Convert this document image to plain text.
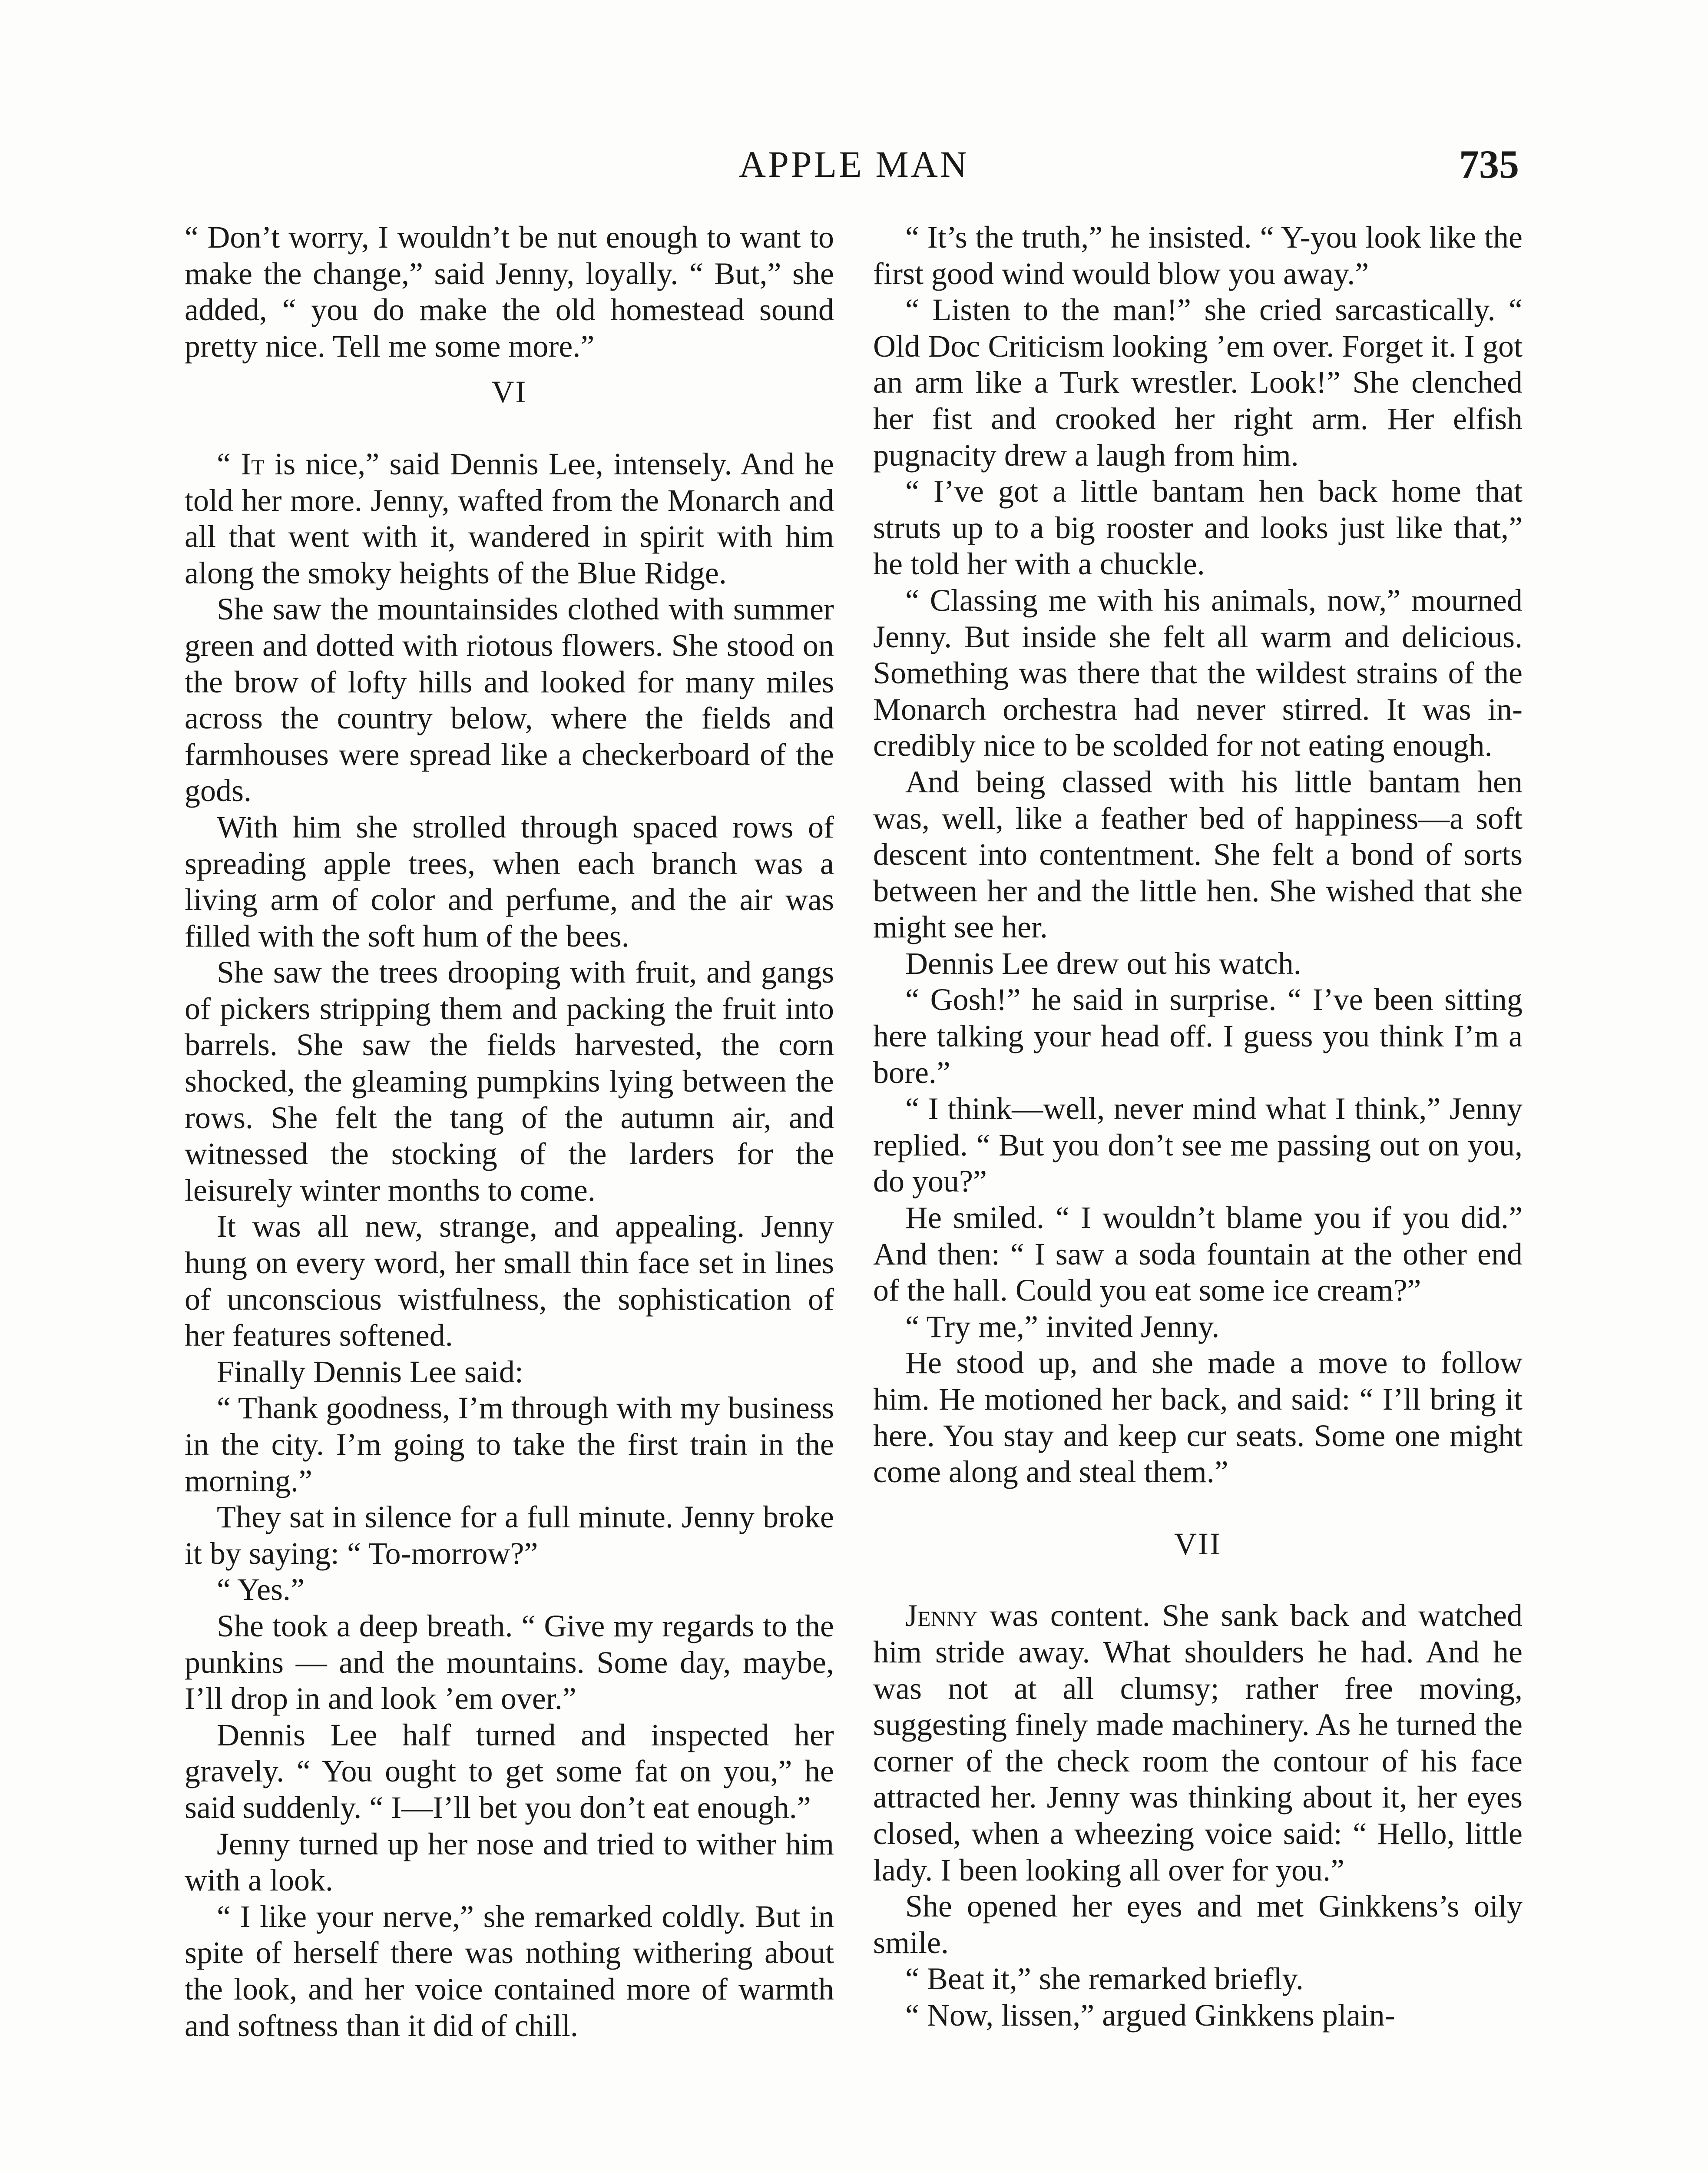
APPLE MAN	735

“ Don’t worry, I wouldn’t be nut enough to want to make the change,” said Jenny, loyally. “ But,” she added, “ you do make the old homestead sound pretty nice. Tell me some more.”

VI

“ It is nice,” said Dennis Lee, intensely. And he told her more. Jenny, wafted from the Monarch and all that went with it, wandered in spirit with him along the smoky heights of the Blue Ridge.

She saw the mountainsides clothed with summer green and dotted with riotous flowers. She stood on the brow of lofty hills and looked for many miles across the country below, where the fields and farmhouses were spread like a checkerboard of the gods.

With him she strolled through spaced rows of spreading apple trees, when each branch was a living arm of color and perfume, and the air was filled with the soft hum of the bees.

She saw the trees drooping with fruit, and gangs of pickers stripping them and packing the fruit into barrels. She saw the fields harvested, the corn shocked, the gleaming pumpkins lying between the rows. She felt the tang of the autumn air, and witnessed the stocking of the larders for the leisurely winter months to come.

It was all new, strange, and appealing. Jenny hung on every word, her small thin face set in lines of unconscious wistfulness, the sophistication of her features softened.

Finally Dennis Lee said:

“ Thank goodness, I’m through with my business in the city. I’m going to take the first train in the morning.”

They sat in silence for a full minute. Jenny broke it by saying: “ To-morrow?”

“ Yes.”

She took a deep breath. “ Give my regards to the punkins — and the mountains. Some day, maybe, I’ll drop in and look ’em over.”

Dennis Lee half turned and inspected her gravely. “ You ought to get some fat on you,” he said suddenly. “ I—I’ll bet you don’t eat enough.”

Jenny turned up her nose and tried to wither him with a look.

“ I like your nerve,” she remarked coldly. But in spite of herself there was nothing withering about the look, and her voice contained more of warmth and softness than it did of chill.

“ It’s the truth,” he insisted. “ Y-you look like the first good wind would blow you away.”

“ Listen to the man!” she cried sarcastically. “ Old Doc Criticism looking ’em over. Forget it. I got an arm like a Turk wrestler. Look!” She clenched her fist and crooked her right arm. Her elfish pugnacity drew a laugh from him.

“ I’ve got a little bantam hen back home that struts up to a big rooster and looks just like that,” he told her with a chuckle.

“ Classing me with his animals, now,” mourned Jenny. But inside she felt all warm and delicious. Something was there that the wildest strains of the Monarch orchestra had never stirred. It was incredibly nice to be scolded for not eating enough.

And being classed with his little bantam hen was, well, like a feather bed of happiness—a soft descent into contentment. She felt a bond of sorts between her and the little hen. She wished that she might see her.

Dennis Lee drew out his watch.

“ Gosh!” he said in surprise. “ I’ve been sitting here talking your head off. I guess you think I’m a bore.”

“ I think—well, never mind what I think,” Jenny replied. “ But you don’t see me passing out on you, do you?”

He smiled. “ I wouldn’t blame you if you did.” And then: “ I saw a soda fountain at the other end of the hall. Could you eat some ice cream?”

“ Try me,” invited Jenny.

He stood up, and she made a move to follow him. He motioned her back, and said: “ I’ll bring it here. You stay and keep cur seats. Some one might come along and steal them.”

VII

Jenny was content. She sank back and watched him stride away. What shoulders he had. And he was not at all clumsy; rather free moving, suggesting finely made machinery. As he turned the corner of the check room the contour of his face attracted her. Jenny was thinking about it, her eyes closed, when a wheezing voice said: “ Hello, little lady. I been looking all over for you.”

She opened her eyes and met Ginkkens’s oily smile.

“ Beat it,” she remarked briefly.

“ Now, lissen,” argued Ginkkens plain-
